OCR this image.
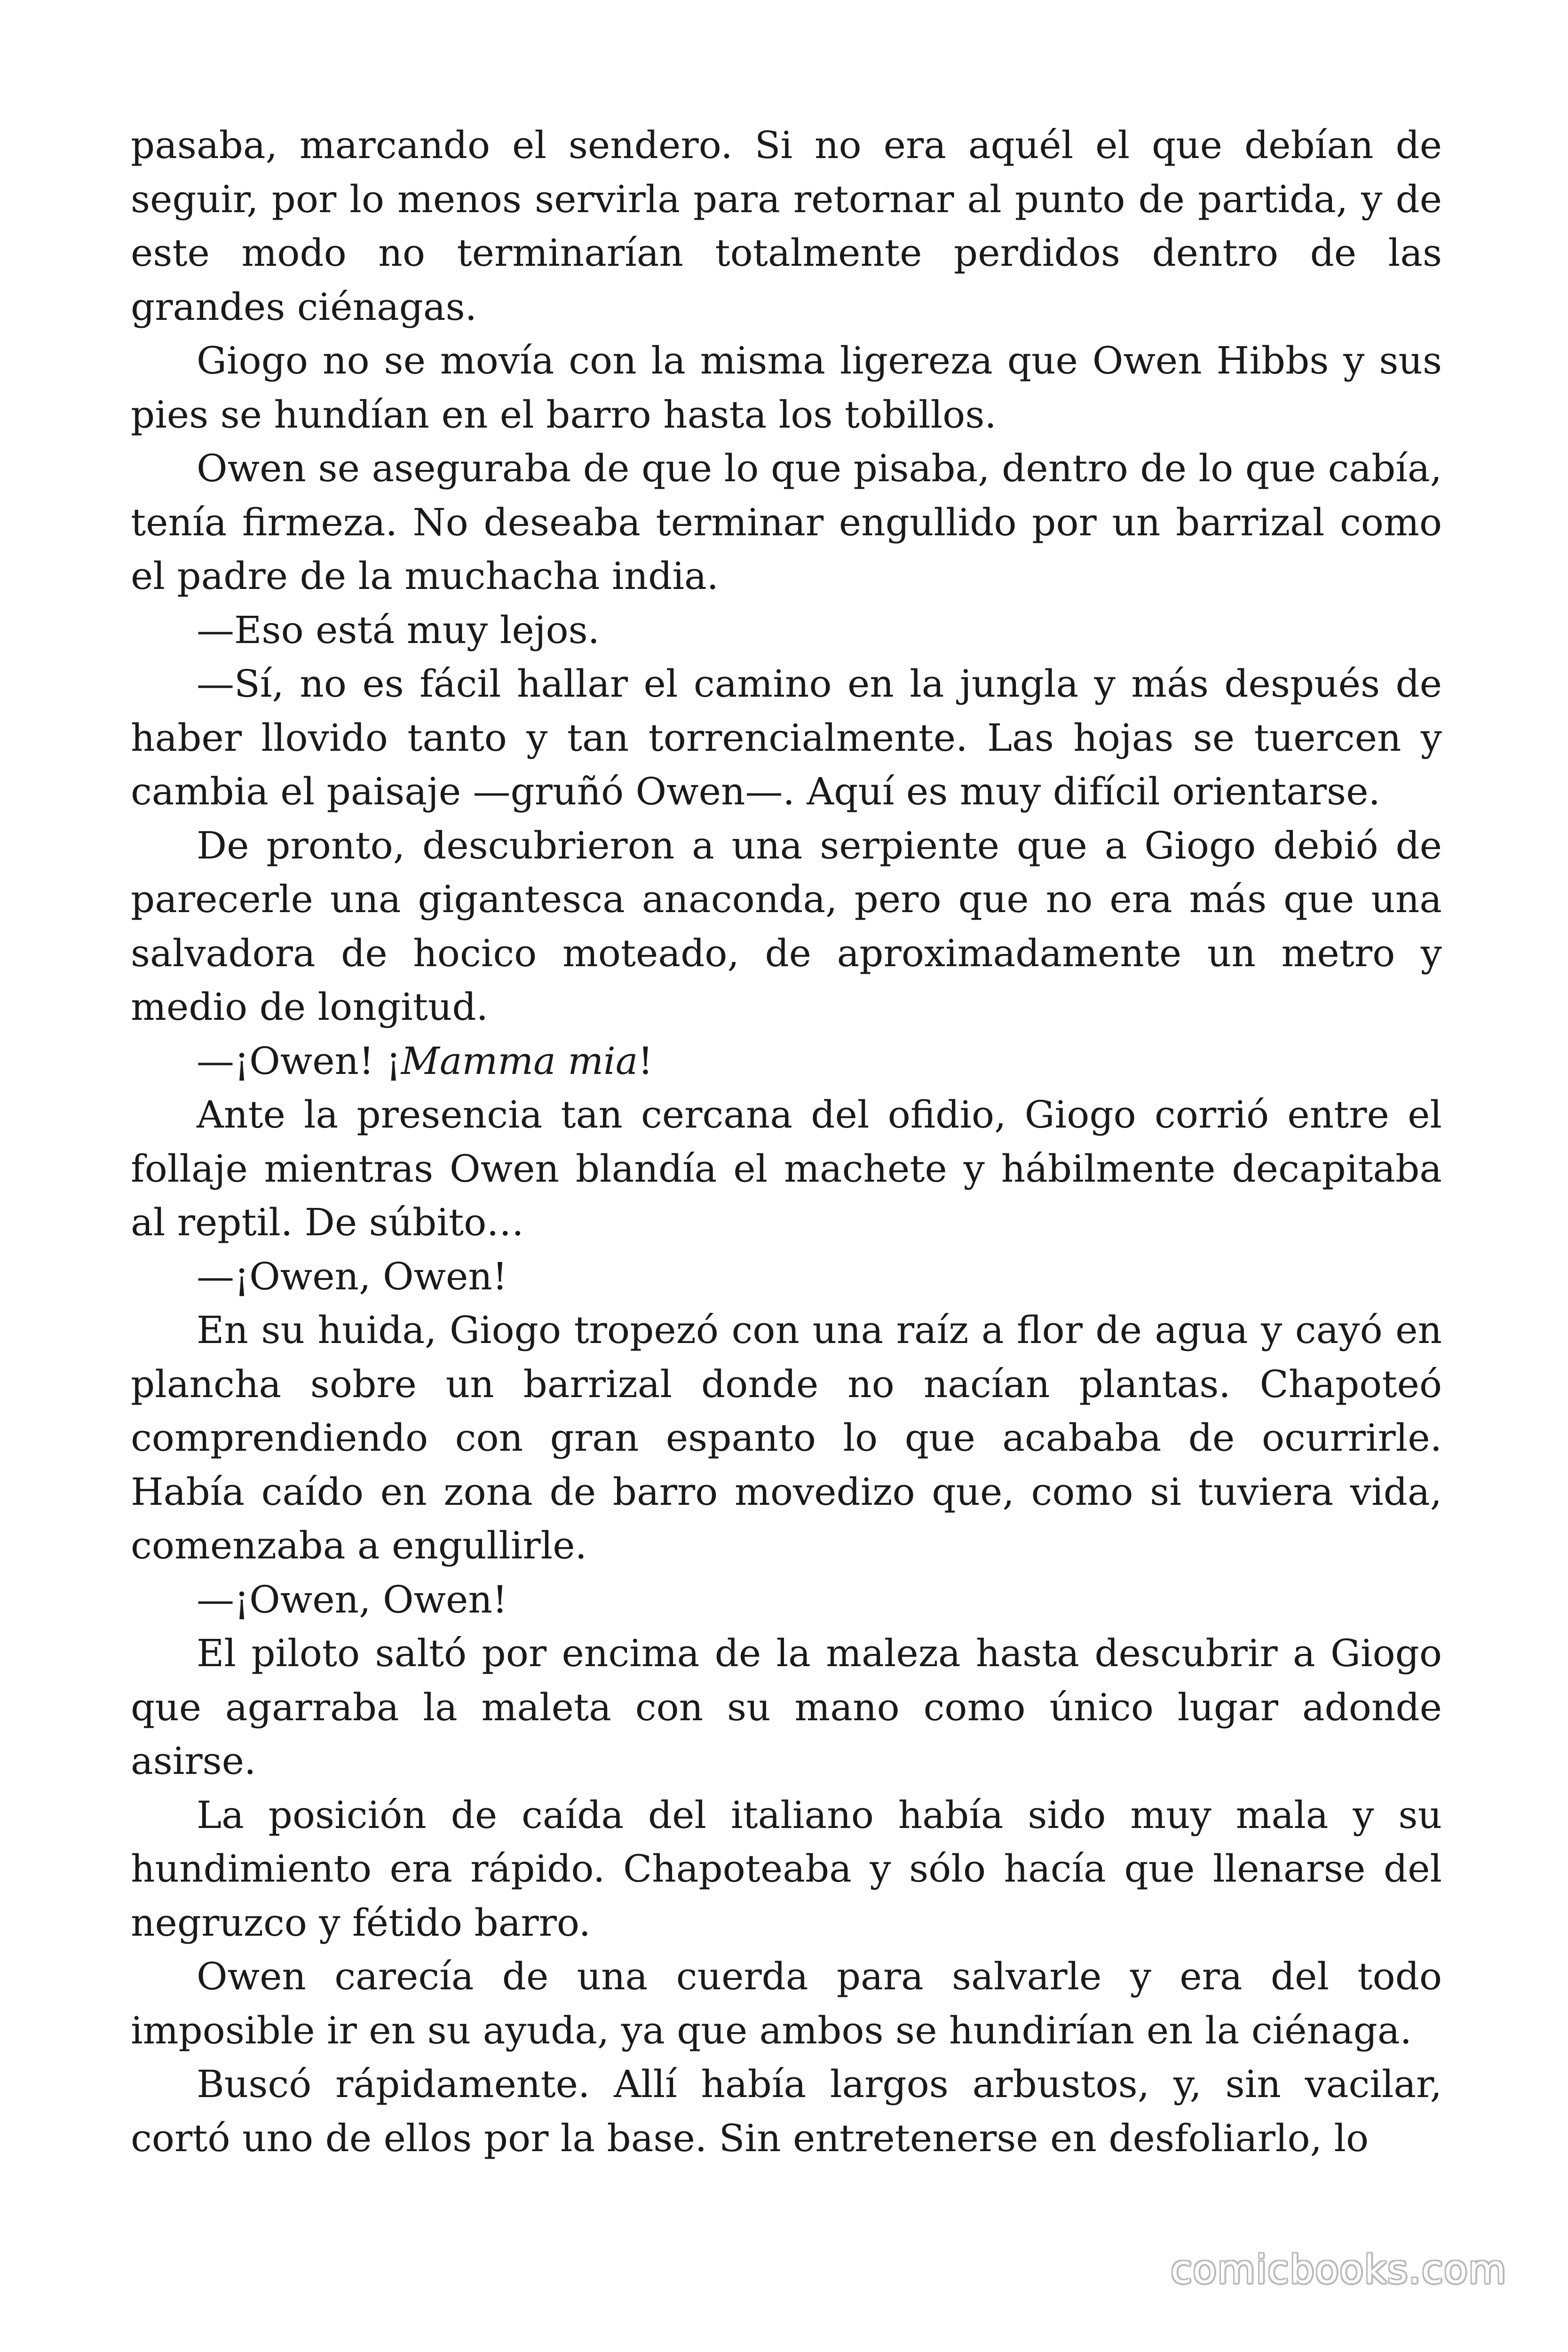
pasaba, marcando el sendero. Si no era aquél el que debían de seguir, por lo menos servirla para retornar al punto de partida, y de este modo no terminarían totalmente perdidos dentro de las grandes ciénagas.

Giogo no se movía con la misma ligereza que Owen Hibbs y sus pies se hundían en el barro hasta los tobillos.

Owen se aseguraba de que lo que pisaba, dentro de lo que cabía, tenía firmeza. No deseaba terminar engullido por un barrizal como el padre de la muchacha india.

—Eso está muy lejos.

—Sí, no es fácil hallar el camino en la jungla y más después de haber llovido tanto y tan torrencialmente. Las hojas se tuercen y cambia el paisaje —gruñó Owen—. Aquí es muy difícil orientarse.

De pronto, descubrieron a una serpiente que a Giogo debió de parecerle una gigantesca anaconda, pero que no era más que una salvadora de hocico moteado, de aproximadamente un metro y medio de longitud.

—¡Owen! ¡Mamma mia!

Ante la presencia tan cercana del ofidio, Giogo corrió entre el follaje mientras Owen blandía el machete y hábilmente decapitaba al reptil. De súbito…

—¡Owen, Owen!

En su huida, Giogo tropezó con una raíz a flor de agua y cayó en plancha sobre un barrizal donde no nacían plantas. Chapoteó comprendiendo con gran espanto lo que acababa de ocurrirle. Había caído en zona de barro movedizo que, como si tuviera vida, comenzaba a engullirle.

—¡Owen, Owen!

El piloto saltó por encima de la maleza hasta descubrir a Giogo que agarraba la maleta con su mano como único lugar adonde asirse.

La posición de caída del italiano había sido muy mala y su hundimiento era rápido. Chapoteaba y sólo hacía que llenarse del negruzco y fétido barro.

Owen carecía de una cuerda para salvarle y era del todo imposible ir en su ayuda, ya que ambos se hundirían en la ciénaga.

Buscó rápidamente. Allí había largos arbustos, y, sin vacilar, cortó uno de ellos por la base. Sin entretenerse en desfoliarlo, lo

comicbooks.com
